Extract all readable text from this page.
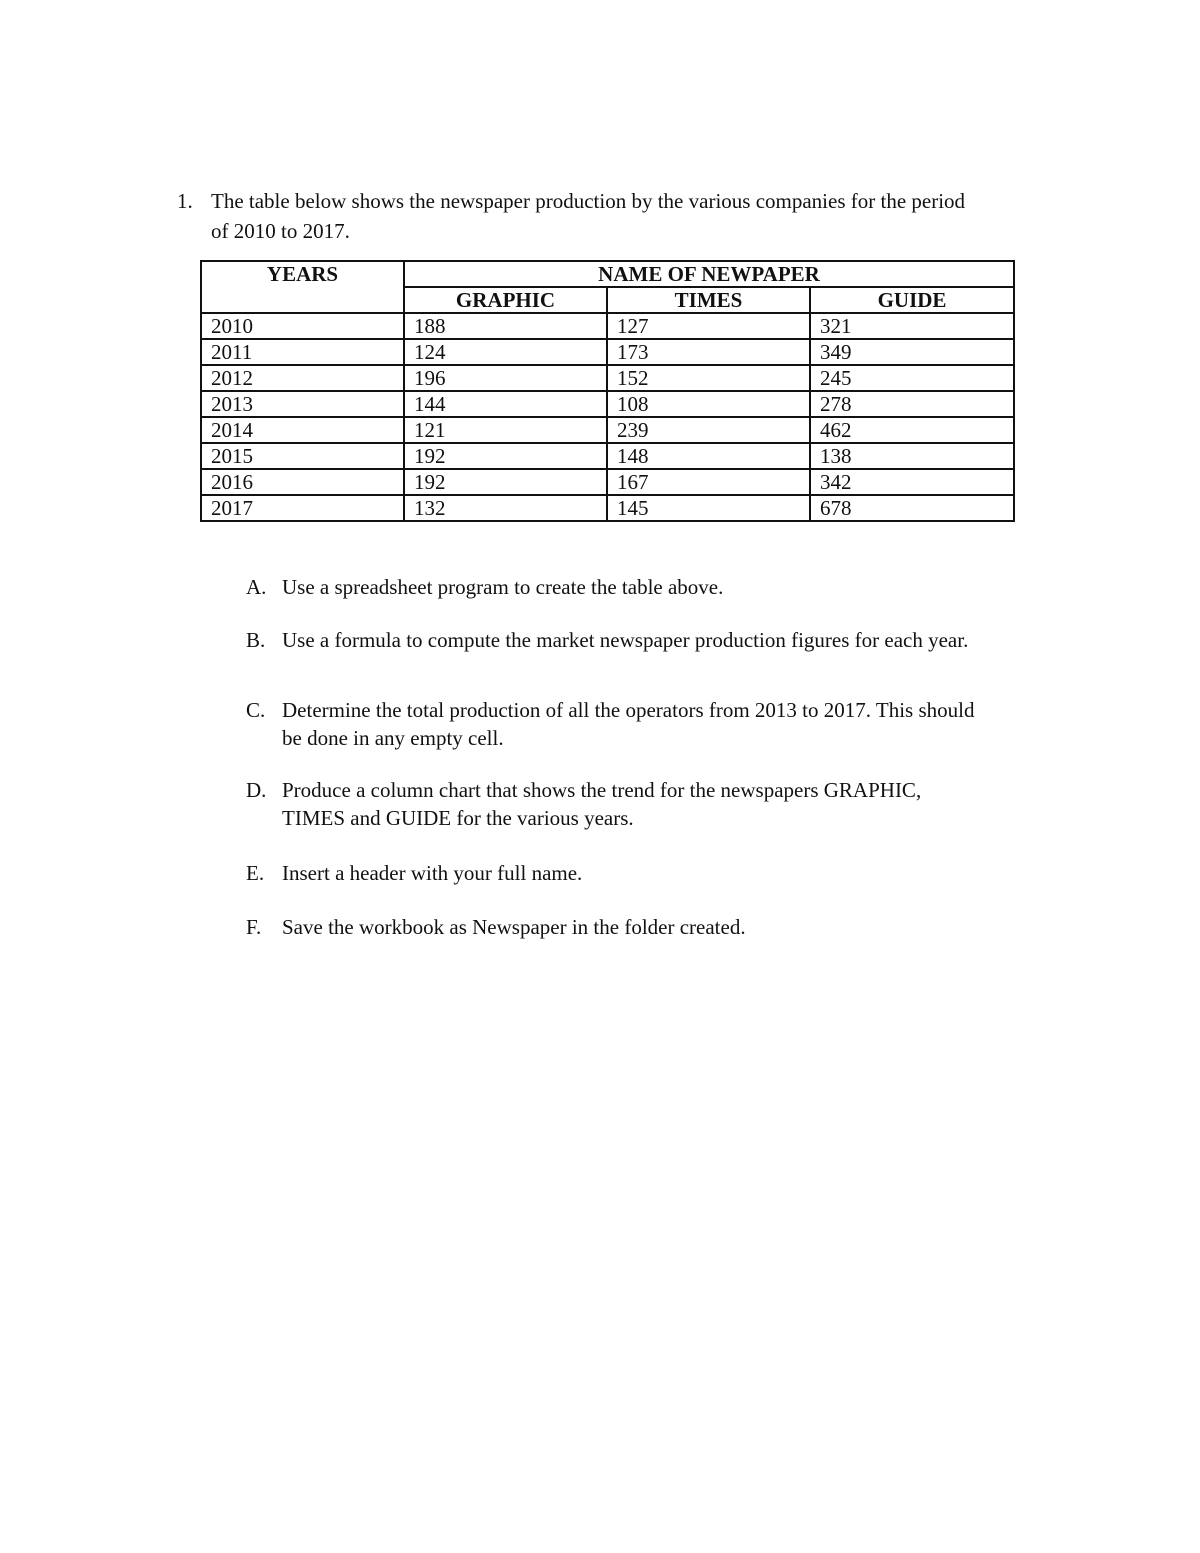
1. The table below shows the newspaper production by the various companies for the period
of 2010 to 2017.
YEARS	NAME OF NEWPAPER		
	GRAPHIC	TIMES	GUIDE
2010	188	127	321
2011	124	173	349
2012	196	152	245
2013	144	108	278
2014	121	239	462
2015	192	148	138
2016	192	167	342
2017	132	145	678
A. Use a spreadsheet program to create the table above.
B. Use a formula to compute the market newspaper production figures for each year.
C. Determine the total production of all the operators from 2013 to 2017. This should
be done in any empty cell.
D. Produce a column chart that shows the trend for the newspapers GRAPHIC,
TIMES and GUIDE for the various years.
E. Insert a header with your full name.
F. Save the workbook as Newspaper in the folder created.
